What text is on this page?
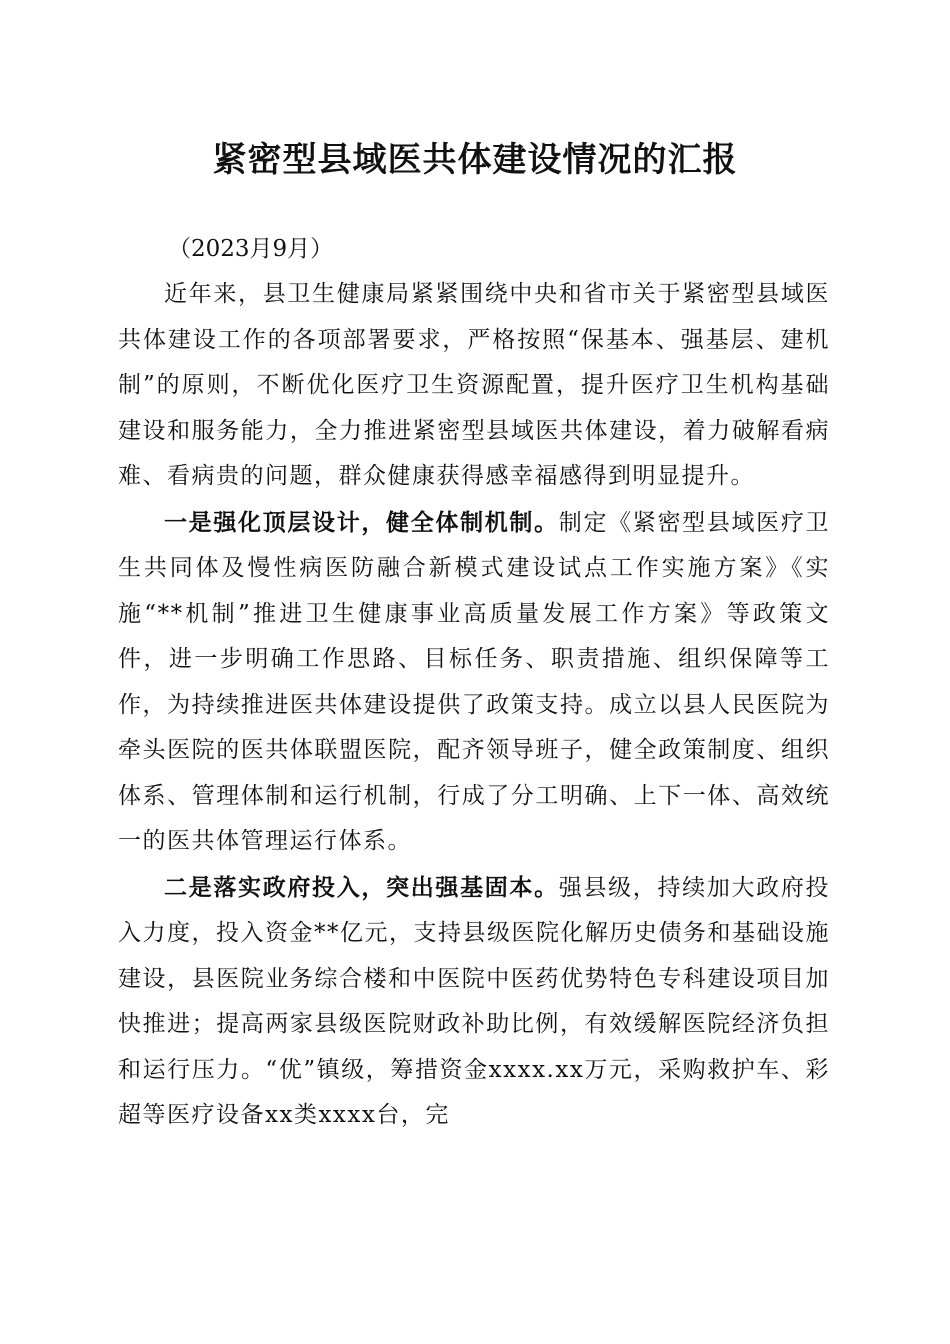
紧密型县域医共体建设情况的汇报

（2023月9月）

近年来，县卫生健康局紧紧围绕中央和省市关于紧密型县域医共体建设工作的各项部署要求，严格按照“保基本、强基层、建机制”的原则，不断优化医疗卫生资源配置，提升医疗卫生机构基础建设和服务能力，全力推进紧密型县域医共体建设，着力破解看病难、看病贵的问题，群众健康获得感幸福感得到明显提升。

一是强化顶层设计，健全体制机制。制定《紧密型县域医疗卫生共同体及慢性病医防融合新模式建设试点工作实施方案》《实施“**机制”推进卫生健康事业高质量发展工作方案》等政策文件，进一步明确工作思路、目标任务、职责措施、组织保障等工作，为持续推进医共体建设提供了政策支持。成立以县人民医院为牵头医院的医共体联盟医院，配齐领导班子，健全政策制度、组织体系、管理体制和运行机制，行成了分工明确、上下一体、高效统一的医共体管理运行体系。

二是落实政府投入，突出强基固本。强县级，持续加大政府投入力度，投入资金**亿元，支持县级医院化解历史债务和基础设施建设，县医院业务综合楼和中医院中医药优势特色专科建设项目加快推进；提高两家县级医院财政补助比例，有效缓解医院经济负担和运行压力。“优”镇级，筹措资金xxxx.xx万元，采购救护车、彩超等医疗设备xx类xxxx台，完
